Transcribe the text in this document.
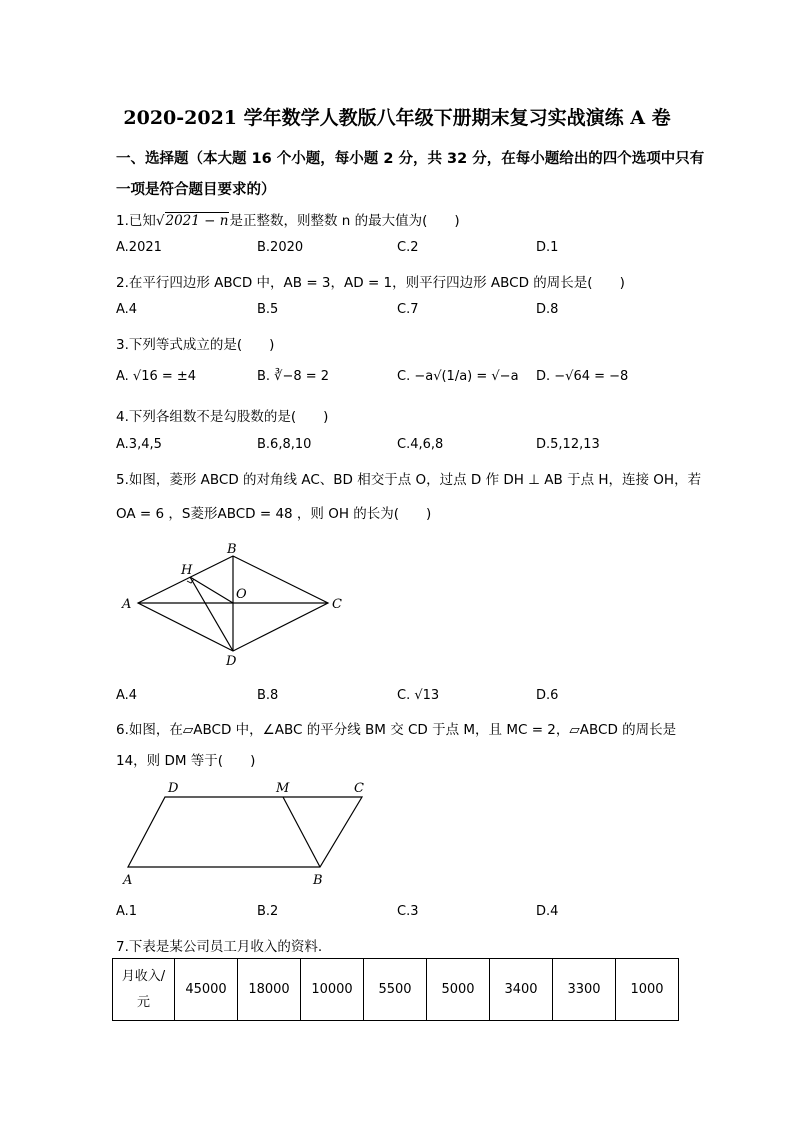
2020-2021 学年数学人教版八年级下册期末复习实战演练 A 卷
一、选择题（本大题 16 个小题，每小题 2 分，共 32 分，在每小题给出的四个选项中只有
一项是符合题目要求的）
1.已知√2021 − n是正整数，则整数 n 的最大值为(　　)
A.2021	B.2020	C.2	D.1
2.在平行四边形 ABCD 中，AB = 3，AD = 1，则平行四边形 ABCD 的周长是(　　)
A.4	B.5	C.7	D.8
3.下列等式成立的是(　　)
A. √16 = ±4	B. ∛−8 = 2	C. −a√(1/a) = √−a D. −√64 = −8
4.下列各组数不是勾股数的是(　　)
A.3,4,5	B.6,8,10	C.4,6,8	D.5,12,13
5.如图，菱形 ABCD 的对角线 AC、BD 相交于点 O，过点 D 作 DH ⊥ AB 于点 H，连接 OH，若
OA = 6 ，S菱形ABCD = 48 ，则 OH 的长为(　　)
A
B
C
D
O
H
A.4	B.8	C. √13	D.6
6.如图，在▱ABCD 中，∠ABC 的平分线 BM 交 CD 于点 M，且 MC = 2，▱ABCD 的周长是
14，则 DM 等于(　　)
D	M	C
A	B
A.1	B.2	C.3	D.4
7.下表是某公司员工月收入的资料.
月收入/
元	45000	18000	10000	5500	5000	3400	3300	1000
